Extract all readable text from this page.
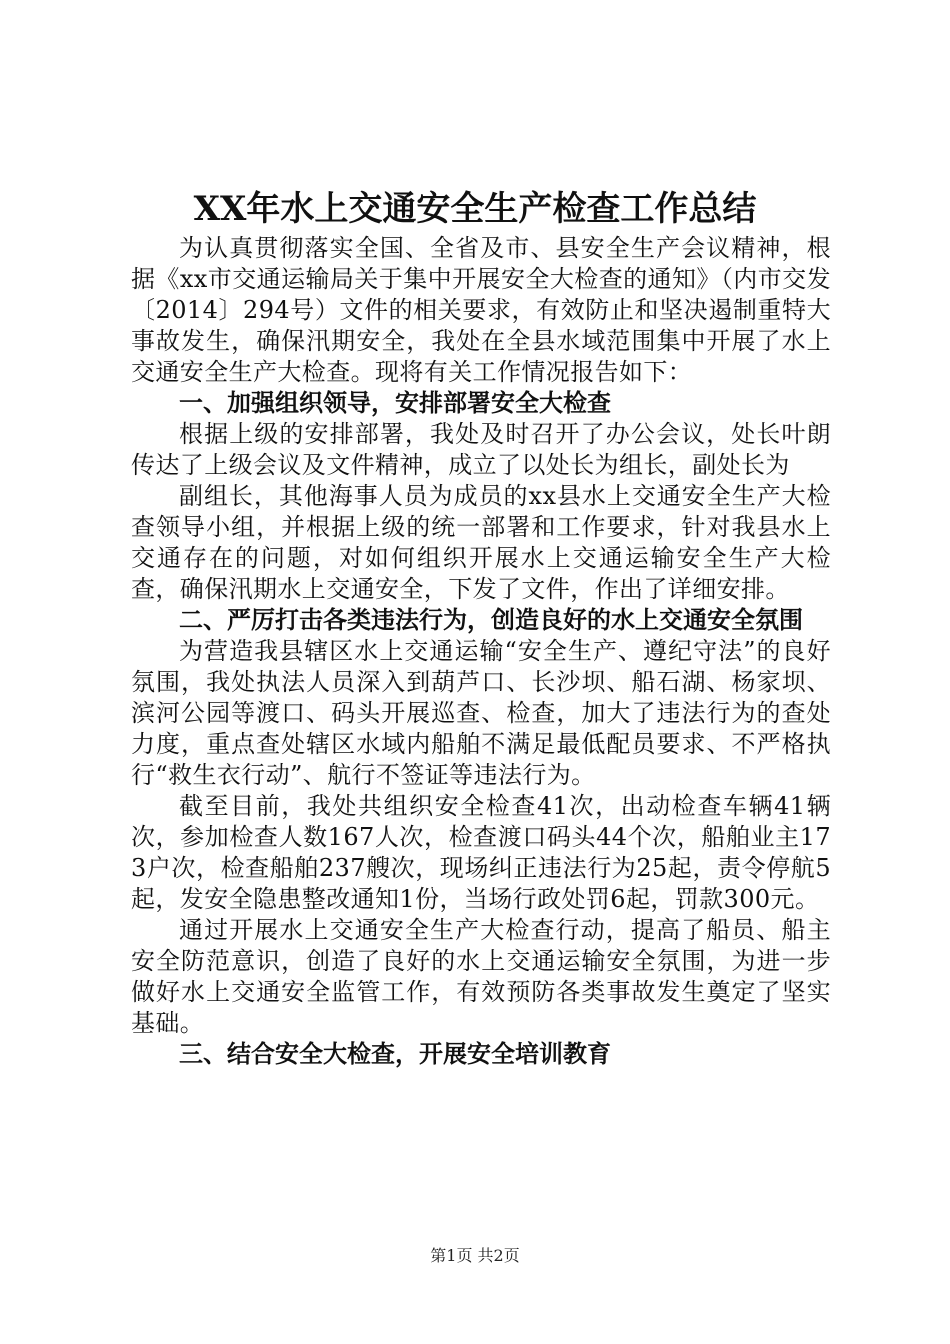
XX年水上交通安全生产检查工作总结

为认真贯彻落实全国、全省及市、县安全生产会议精神，根据《xx市交通运输局关于集中开展安全大检查的通知》（内市交发〔2014〕294号）文件的相关要求，有效防止和坚决遏制重特大事故发生，确保汛期安全，我处在全县水域范围集中开展了水上交通安全生产大检查。现将有关工作情况报告如下：

一、加强组织领导，安排部署安全大检查

根据上级的安排部署，我处及时召开了办公会议，处长叶朗传达了上级会议及文件精神，成立了以处长为组长，副处长为

副组长，其他海事人员为成员的xx县水上交通安全生产大检查领导小组，并根据上级的统一部署和工作要求，针对我县水上交通存在的问题，对如何组织开展水上交通运输安全生产大检查，确保汛期水上交通安全，下发了文件，作出了详细安排。

二、严厉打击各类违法行为，创造良好的水上交通安全氛围

为营造我县辖区水上交通运输“安全生产、遵纪守法”的良好氛围，我处执法人员深入到葫芦口、长沙坝、船石湖、杨家坝、滨河公园等渡口、码头开展巡查、检查，加大了违法行为的查处力度，重点查处辖区水域内船舶不满足最低配员要求、不严格执行“救生衣行动”、航行不签证等违法行为。

截至目前，我处共组织安全检查41次，出动检查车辆41辆次，参加检查人数167人次，检查渡口码头44个次，船舶业主173户次，检查船舶237艘次，现场纠正违法行为25起，责令停航5起，发安全隐患整改通知1份，当场行政处罚6起，罚款300元。

通过开展水上交通安全生产大检查行动，提高了船员、船主安全防范意识，创造了良好的水上交通运输安全氛围，为进一步做好水上交通安全监管工作，有效预防各类事故发生奠定了坚实基础。

三、结合安全大检查，开展安全培训教育

第1页 共2页
